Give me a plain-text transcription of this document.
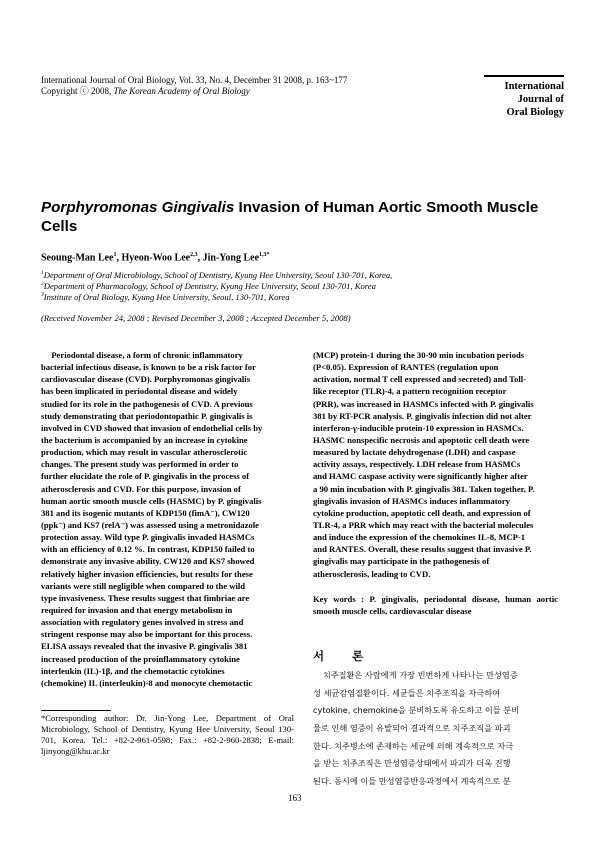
International Journal of Oral Biology, Vol. 33, No. 4, December 31 2008, p. 163~177
Copyright ⓒ 2008, The Korean Academy of Oral Biology	International
Journal of
Oral Biology
Porphyromonas Gingivalis Invasion of Human Aortic Smooth Muscle Cells
Seoung-Man Lee$^1$, Hyeon-Woo Lee$^{2,3}$, Jin-Yong Lee$^{1,3*}$
$^1$Department of Oral Microbiology, School of Dentistry, Kyung Hee University, Seoul 130-701, Korea,
$^2$Department of Pharmacology, School of Dentistry, Kyung Hee University, Seoul 130-701, Korea
$^3$Institute of Oral Biology, Kyung Hee University, Seoul, 130-701, Korea
(Received November 24, 2008 ; Revised December 3, 2008 ; Accepted December 5, 2008)
Periodontal disease, a form of chronic inflammatory
bacterial infectious disease, is known to be a risk factor for
cardiovascular disease (CVD). Porphyromonas gingivalis
has been implicated in periodontal disease and widely
studied for its role in the pathogenesis of CVD. A previous
study demonstrating that periodontopathic P. gingivalis is
involved in CVD showed that invasion of endothelial cells by
the bacterium is accompanied by an increase in cytokine
production, which may result in vascular atherosclerotic
changes. The present study was performed in order to
further elucidate the role of P. gingivalis in the process of
atherosclerosis and CVD. For this purpose, invasion of
human aortic smooth muscle cells (HASMC) by P. gingivalis
381 and its isogenic mutants of KDP150 (fimA⁻), CW120
(ppk⁻) and KS7 (relA⁻) was assessed using a metronidazole
protection assay. Wild type P. gingivalis invaded HASMCs
with an efficiency of 0.12 %. In contrast, KDP150 failed to
demonstrate any invasive ability. CW120 and KS7 showed
relatively higher invasion efficiencies, but results for these
variants were still negligible when compared to the wild
type invasiveness. These results suggest that fimbriae are
required for invasion and that energy metabolism in
association with regulatory genes involved in stress and
stringent response may also be important for this process.
ELISA assays revealed that the invasive P. gingivalis 381
increased production of the proinflammatory cytokine
interleukin (IL)-1β, and the chemotactic cytokines
(chemokine) IL (interleukin)-8 and monocyte chemotactic
(MCP) protein-1 during the 30-90 min incubation periods
(P<0.05). Expression of RANTES (regulation upon
activation, normal T cell expressed and secreted) and Toll-
like receptor (TLR)-4, a pattern recognition receptor
(PRR), was increased in HASMCs infected with P. gingivalis
381 by RT-PCR analysis. P. gingivalis infection did not alter
interferon-γ-inducible protein-10 expression in HASMCs.
HASMC nonspecific necrosis and apoptotic cell death were
measured by lactate dehydrogenase (LDH) and caspase
activity assays, respectively. LDH release from HASMCs
and HAMC caspase activity were significantly higher after
a 90 min incubation with P. gingivalis 381. Taken together, P.
gingivalis invasion of HASMCs induces inflammatory
cytokine production, apoptotic cell death, and expression of
TLR-4, a PRR which may react with the bacterial molecules
and induce the expression of the chemokines IL-8, MCP-1
and RANTES. Overall, these results suggest that invasive P.
gingivalis may participate in the pathogenesis of
atherosclerosis, leading to CVD.
Key words : P. gingivalis, periodontal disease, human aortic smooth muscle cells, cardiovascular disease
서 론
치주질환은 사람에게 가장 빈번하게 나타나는 만성염증
성 세균감염질환이다. 세균들은 치주조직을 자극하여
cytokine, chemokine을 분비하도록 유도하고 이들 분비
물로 인해 염증이 유발되어 결과적으로 치주조직을 파괴
한다. 치주병소에 존재하는 세균에 의해 계속적으로 자극
을 받는 치주조직은 만성염증상태에서 파괴가 더욱 진행
된다. 동시에 이들 만성염증반응과정에서 계속적으로 분
*Corresponding author: Dr. Jin-Yong Lee, Department of Oral Microbiology, School of Dentistry, Kyung Hee University, Seoul 130-701, Korea. Tel.: +82-2-961-0598; Fax.: +82-2-960-2838; E-mail: ljinyong@khu.ac.kr
163
